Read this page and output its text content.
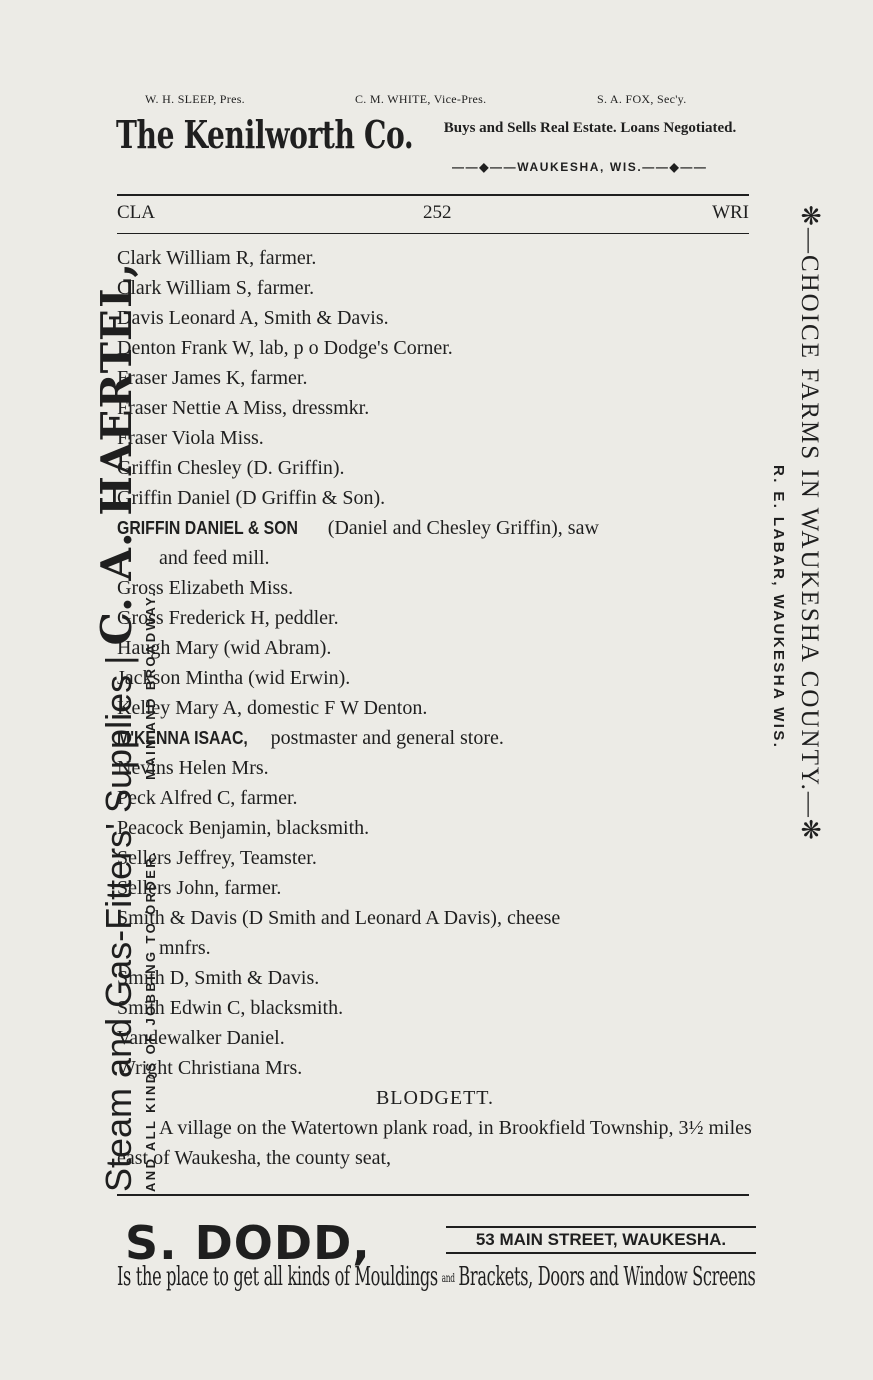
W. H. SLEEP, Pres.	C. M. WHITE, Vice-Pres.	S. A. FOX, Sec'y.
The Kenilworth Co.	Buys and Sells Real Estate. Loans Negotiated.
——◆——WAUKESHA, WIS.——◆——
CLA	252	WRI
Clark William R, farmer.
Clark William S, farmer.
Davis Leonard A, Smith & Davis.
Denton Frank W, lab, p o Dodge's Corner.
Fraser James K, farmer.
Fraser Nettie A Miss, dressmkr.
Fraser Viola Miss.
Griffin Chesley (D. Griffin).
Griffin Daniel (D Griffin & Son).
GRIFFIN DANIEL & SON (Daniel and Chesley Griffin), saw
and feed mill.
Gross Elizabeth Miss.
Gross Frederick H, peddler.
Haugh Mary (wid Abram).
Jackson Mintha (wid Erwin).
Kelley Mary A, domestic F W Denton.
M'KENNA ISAAC, postmaster and general store.
Nevins Helen Mrs.
Peck Alfred C, farmer.
Peacock Benjamin, blacksmith.
Sellers Jeffrey, Teamster.
Sellers John, farmer.
Smith & Davis (D Smith and Leonard A Davis), cheese
mnfrs.
Smith D, Smith & Davis.
Smith Edwin C, blacksmith.
Vandewalker Daniel.
Wright Christiana Mrs.
BLODGETT.
A village on the Watertown plank road, in Brookfield Township, 3½ miles east of Waukesha, the county seat,
Steam and Gas-Fitters' Supplies | C. A. HAERTEL,
AND ALL KINDS OF JOBBING TO ORDER.MAIN AND BROADWAY.	❋—CHOICE FARMS IN WAUKESHA COUNTY.—❋
R. E. LABAR, WAUKESHA WIS.
S. DODD,	53 MAIN STREET, WAUKESHA.
Is the place to get all kinds of Mouldings and Brackets, Doors and Window Screens
